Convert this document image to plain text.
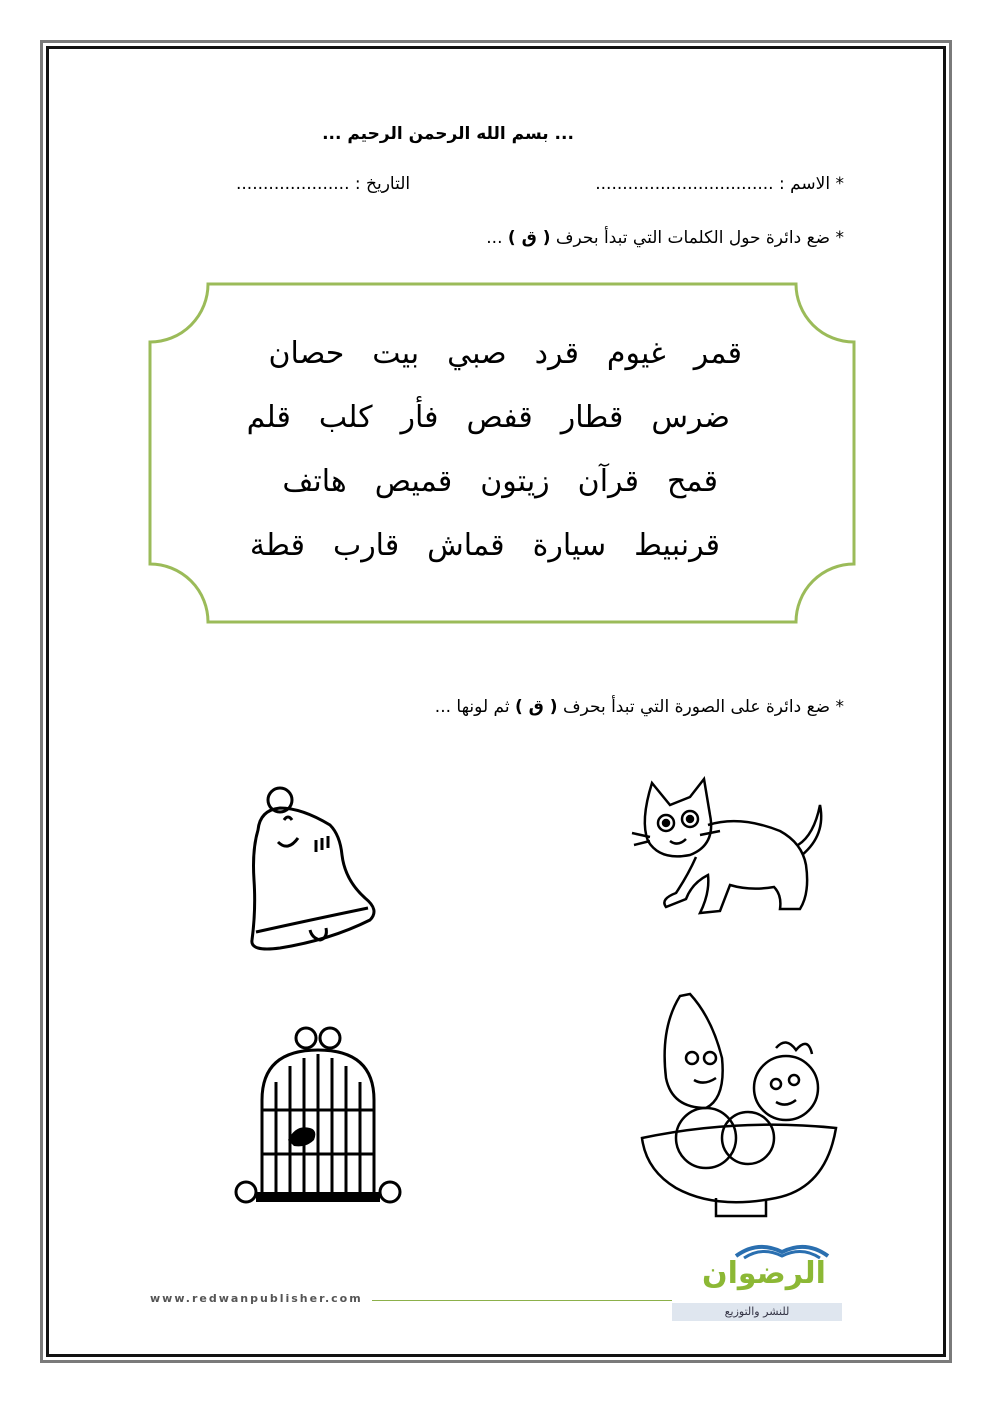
... بسم الله الرحمن الرحيم ...
* الاسم : .................................
التاريخ : .....................
* ضع دائرة حول الكلمات التي تبدأ بحرف ( ق ) ...
قمر
غيوم
قرد
صبي
بيت
حصان
ضرس
قطار
قفص
فأر
كلب
قلم
قمح
قرآن
زيتون
قميص
هاتف
قرنبيط
سيارة
قماش
قارب
قطة
* ضع دائرة على الصورة التي تبدأ بحرف ( ق ) ثم لونها ...
www.redwanpublisher.com
الرضوان
للنشر والتوزيع
